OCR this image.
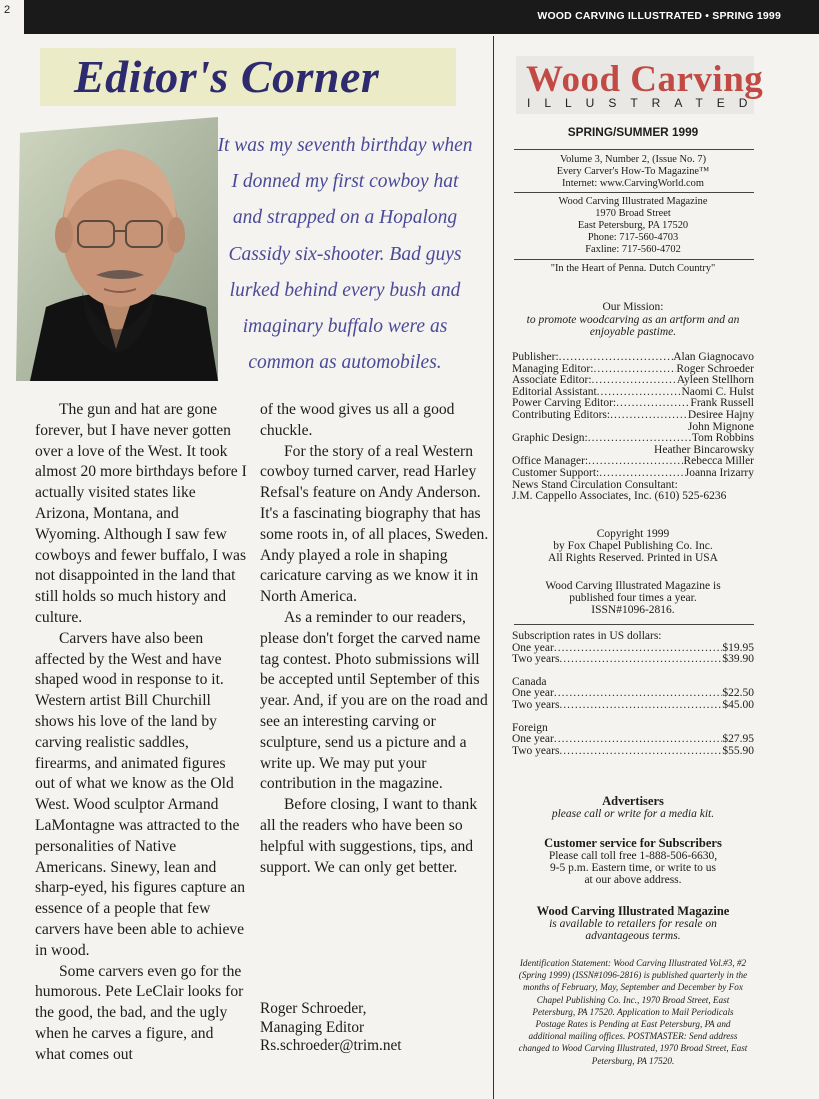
2	WOOD CARVING ILLUSTRATED • SPRING 1999
Editor's Corner
It was my seventh birthday when
I donned my first cowboy hat
and strapped on a Hopalong
Cassidy six-shooter. Bad guys
lurked behind every bush and
imaginary buffalo were as
common as automobiles.

The gun and hat are gone forever, but I have never gotten over a love of the West. It took almost 20 more birthdays before I actually visited states like Arizona, Montana, and Wyoming. Although I saw few cowboys and fewer buffalo, I was not disappointed in the land that still holds so much history and culture.

Carvers have also been affected by the West and have shaped wood in response to it. Western artist Bill Churchill shows his love of the land by carving realistic saddles, firearms, and animated figures out of what we know as the Old West. Wood sculptor Armand LaMontagne was attracted to the personalities of Native Americans. Sinewy, lean and sharp-eyed, his figures capture an essence of a people that few carvers have been able to achieve in wood.

Some carvers even go for the humorous. Pete LeClair looks for the good, the bad, and the ugly when he carves a figure, and what comes out

of the wood gives us all a good chuckle.

For the story of a real Western cowboy turned carver, read Harley Refsal's feature on Andy Anderson. It's a fascinating biography that has some roots in, of all places, Sweden. Andy played a role in shaping caricature carving as we know it in North America.

As a reminder to our readers, please don't forget the carved name tag contest. Photo submissions will be accepted until September of this year. And, if you are on the road and see an interesting carving or sculpture, send us a picture and a write up. We may put your contribution in the magazine.

Before closing, I want to thank all the readers who have been so helpful with suggestions, tips, and support. We can only get better.

Roger Schroeder,
Managing Editor
Rs.schroeder@trim.net
Wood Carving
ILLUSTRATED
SPRING/SUMMER 1999
Volume 3, Number 2, (Issue No. 7)
Every Carver's How-To Magazine™
Internet: www.CarvingWorld.com
Wood Carving Illustrated Magazine
1970 Broad Street
East Petersburg, PA 17520
Phone: 717-560-4703
Faxline: 717-560-4702
"In the Heart of Penna. Dutch Country"
Our Mission:
to promote woodcarving as an artform and an enjoyable pastime.
Publisher: .....	Alan Giagnocavo
Managing Editor: .....	Roger Schroeder
Associate Editor: .....	Ayleen Stellhorn
Editorial Assistant .....	Naomi C. Hulst
Power Carving Editor: .....	Frank Russell
Contributing Editors: .....	Desiree Hajny
John Mignone
Graphic Design: .....	Tom Robbins
Heather Bincarowsky
Office Manager: .....	Rebecca Miller
Customer Support: .....	Joanna Irizarry
News Stand Circulation Consultant:
J.M. Cappello Associates, Inc. (610) 525-6236
Copyright 1999
by Fox Chapel Publishing Co. Inc.
All Rights Reserved. Printed in USA
Wood Carving Illustrated Magazine is
published four times a year.
ISSN#1096-2816.
Subscription rates in US dollars:
One year .....	$19.95
Two years .....	$39.90
Canada
One year .....	$22.50
Two years .....	$45.00
Foreign
One year .....	$27.95
Two years .....	$55.90
Advertisers
please call or write for a media kit.
Customer service for Subscribers
Please call toll free 1-888-506-6630,
9-5 p.m. Eastern time, or write to us
at our above address.
Wood Carving Illustrated Magazine
is available to retailers for resale on
advantageous terms.
Identification Statement: Wood Carving Illustrated Vol.#3, #2
(Spring 1999) (ISSN#1096-2816) is published quarterly in the
months of February, May, September and December by Fox
Chapel Publishing Co. Inc., 1970 Broad Street, East
Petersburg, PA 17520. Application to Mail Periodicals
Postage Rates is Pending at East Petersburg, PA and
additional mailing offices. POSTMASTER: Send address
changed to Wood Carving Illustrated, 1970 Broad Street, East
Petersburg, PA 17520.
